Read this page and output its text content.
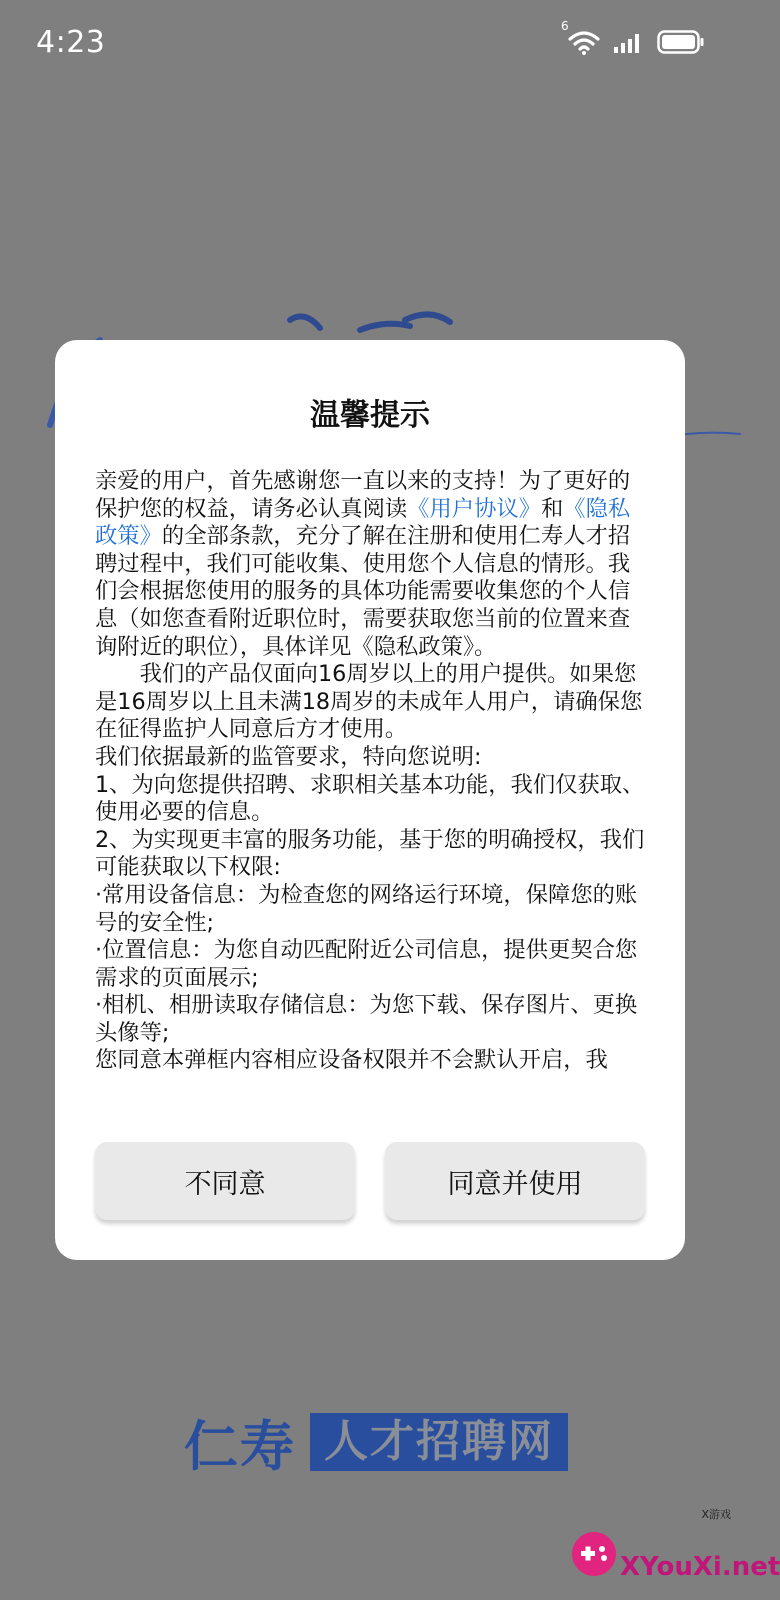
4:23	6
仁寿 人才招聘网
温馨提示

亲爱的用户，首先感谢您一直以来的支持！为了更好的保护您的权益，请务必认真阅读《用户协议》和《隐私政策》的全部条款，充分了解在注册和使用仁寿人才招聘过程中，我们可能收集、使用您个人信息的情形。我们会根据您使用的服务的具体功能需要收集您的个人信息（如您查看附近职位时，需要获取您当前的位置来查询附近的职位），具体详见《隐私政策》。

我们的产品仅面向16周岁以上的用户提供。如果您是16周岁以上且未满18周岁的未成年人用户，请确保您在征得监护人同意后方才使用。

我们依据最新的监管要求，特向您说明:

1、为向您提供招聘、求职相关基本功能，我们仅获取、使用必要的信息。

2、为实现更丰富的服务功能，基于您的明确授权，我们可能获取以下权限:

·常用设备信息：为检查您的网络运行环境，保障您的账号的安全性;

·位置信息：为您自动匹配附近公司信息，提供更契合您需求的页面展示;

·相机、相册读取存储信息：为您下载、保存图片、更换头像等;

您同意本弹框内容相应设备权限并不会默认开启，我

不同意	同意并使用
X游戏
XYouXi.net
